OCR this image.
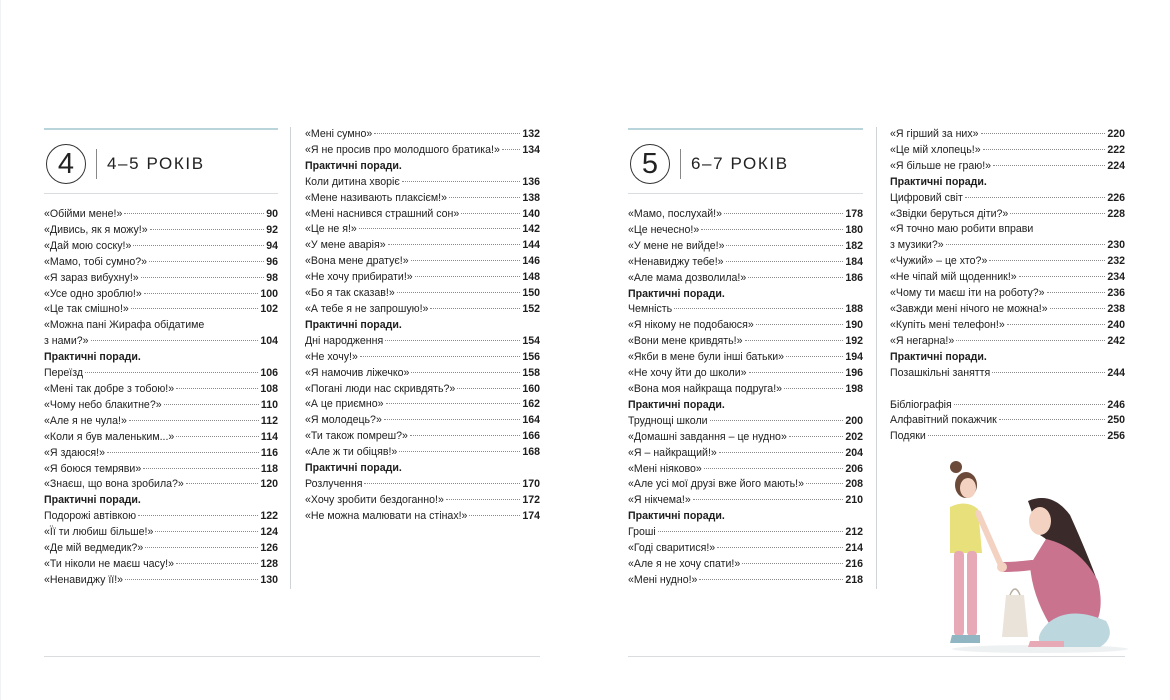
4 4–5 РОКІВ	5 6–7 РОКІВ
«Обійми мене!»	90
«Дивись, як я можу!»	92
«Дай мою соску!»	94
«Мамо, тобі сумно?»	96
«Я зараз вибухну!»	98
«Усе одно зроблю!»	100
«Це так смішно!»	102
«Можна пані Жирафа обідатиме
з нами?»	104
Практичні поради.
Переїзд	106
«Мені так добре з тобою!»	108
«Чому небо блакитне?»	110
«Але я не чула!»	112
«Коли я був маленьким...»	114
«Я здаюся!»	116
«Я боюся темряви»	118
«Знаєш, що вона зробила?»	120
Практичні поради.
Подорожі автівкою	122
«Її ти любиш більше!»	124
«Де мій ведмедик?»	126
«Ти ніколи не маєш часу!»	128
«Ненавиджу її!»	130
«Мені сумно»	132
«Я не просив про молодшого братика!» 134
Практичні поради.
Коли дитина хворіє	136
«Мене називають плаксієм!»	138
«Мені наснився страшний сон»	140
«Це не я!»	142
«У мене аварія»	144
«Вона мене дратує!»	146
«Не хочу прибирати!»	148
«Бо я так сказав!»	150
«А тебе я не запрошую!»	152
Практичні поради.
Дні народження	154
«Не хочу!»	156
«Я намочив ліжечко»	158
«Погані люди нас скривдять?»	160
«А це приємно»	162
«Я молодець?»	164
«Ти також помреш?»	166
«Але ж ти обіцяв!»	168
Практичні поради.
Розлучення	170
«Хочу зробити бездоганно!»	172
«Не можна малювати на стінах!»	174
«Мамо, послухай!»	178
«Це нечесно!»	180
«У мене не вийде!»	182
«Ненавиджу тебе!»	184
«Але мама дозволила!»	186
Практичні поради.
Чемність	188
«Я нікому не подобаюся»	190
«Вони мене кривдять!»	192
«Якби в мене були інші батьки»	194
«Не хочу йти до школи»	196
«Вона моя найкраща подруга!»	198
Практичні поради.
Труднощі школи	200
«Домашні завдання – це нудно»	202
«Я – найкращий!»	204
«Мені ніяково»	206
«Але усі мої друзі вже його мають!»	208
«Я нікчема!»	210
Практичні поради.
Гроші	212
«Годі сваритися!»	214
«Але я не хочу спати!»	216
«Мені нудно!»	218
«Я гірший за них»	220
«Це мій хлопець!»	222
«Я більше не граю!»	224
Практичні поради.
Цифровий світ	226
«Звідки беруться діти?»	228
«Я точно маю робити вправи
з музики?»	230
«Чужий» – це хто?»	232
«Не чіпай мій щоденник!»	234
«Чому ти маєш іти на роботу?»	236
«Завжди мені нічого не можна!»	238
«Купіть мені телефон!»	240
«Я негарна!»	242
Практичні поради.
Позашкільні заняття	244
Бібліографія	246
Алфавітний покажчик	250
Подяки	256
